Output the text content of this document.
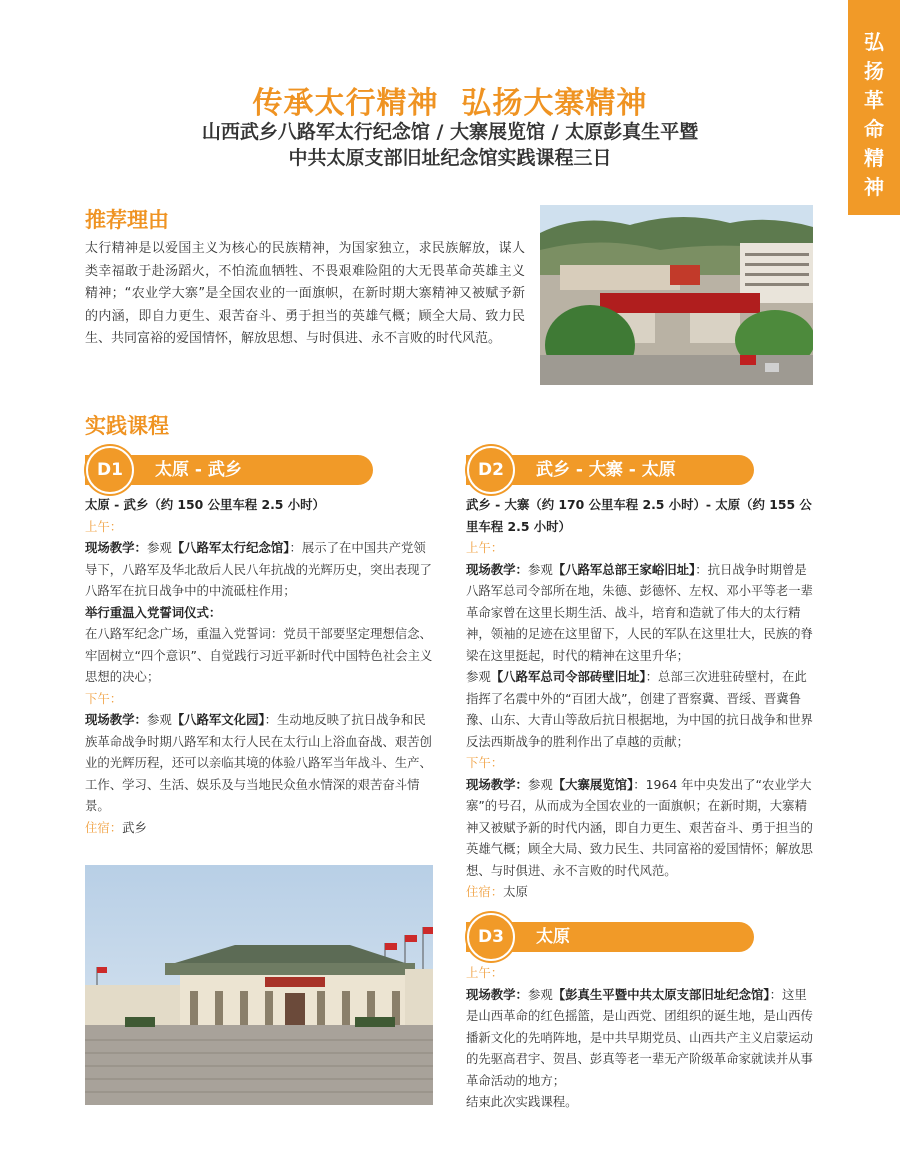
弘
扬
革
命
精
神
传承太行精神  弘扬大寨精神
山西武乡八路军太行纪念馆 / 大寨展览馆 / 太原彭真生平暨
中共太原支部旧址纪念馆实践课程三日
推荐理由
太行精神是以爱国主义为核心的民族精神，为国家独立，求民族解放，谋人类幸福敢于赴汤蹈火，不怕流血牺牲、不畏艰难险阻的大无畏革命英雄主义精神；“农业学大寨”是全国农业的一面旗帜，在新时期大寨精神又被赋予新的内涵，即自力更生、艰苦奋斗、勇于担当的英雄气概；顾全大局、致力民生、共同富裕的爱国情怀，解放思想、与时俱进、永不言败的时代风范。
实践课程
太原 - 武乡
D1	武乡 - 大寨 - 太原
D2

太原 - 武乡（约 150 公里车程 2.5 小时）

上午：

现场教学：参观【八路军太行纪念馆】：展示了在中国共产党领导下，八路军及华北敌后人民八年抗战的光辉历史，突出表现了八路军在抗日战争中的中流砥柱作用；

举行重温入党誓词仪式：

在八路军纪念广场，重温入党誓词：党员干部要坚定理想信念、牢固树立“四个意识”、自觉践行习近平新时代中国特色社会主义思想的决心；

下午：

现场教学：参观【八路军文化园】：生动地反映了抗日战争和民族革命战争时期八路军和太行人民在太行山上浴血奋战、艰苦创业的光辉历程，还可以亲临其境的体验八路军当年战斗、生产、工作、学习、生活、娱乐及与当地民众鱼水情深的艰苦奋斗情景。

住宿：武乡

武乡 - 大寨（约 170 公里车程 2.5 小时）- 太原（约 155 公里车程 2.5 小时）

上午：

现场教学：参观【八路军总部王家峪旧址】：抗日战争时期曾是八路军总司令部所在地，朱德、彭德怀、左权、邓小平等老一辈革命家曾在这里长期生活、战斗，培育和造就了伟大的太行精神，领袖的足迹在这里留下，人民的军队在这里壮大，民族的脊梁在这里挺起，时代的精神在这里升华；

参观【八路军总司令部砖壁旧址】：总部三次进驻砖壁村，在此指挥了名震中外的“百团大战”，创建了晋察冀、晋绥、晋冀鲁豫、山东、大青山等敌后抗日根据地，为中国的抗日战争和世界反法西斯战争的胜利作出了卓越的贡献；

下午：

现场教学：参观【大寨展览馆】：1964 年中央发出了“农业学大寨”的号召，从而成为全国农业的一面旗帜；在新时期，大寨精神又被赋予新的时代内涵，即自力更生、艰苦奋斗、勇于担当的英雄气概；顾全大局、致力民生、共同富裕的爱国情怀；解放思想、与时俱进、永不言败的时代风范。

住宿：太原

太原
D3

上午：

现场教学：参观【彭真生平暨中共太原支部旧址纪念馆】：这里是山西革命的红色摇篮，是山西党、团组织的诞生地，是山西传播新文化的先哨阵地，是中共早期党员、山西共产主义启蒙运动的先驱高君宇、贺昌、彭真等老一辈无产阶级革命家就读并从事革命活动的地方；

结束此次实践课程。
